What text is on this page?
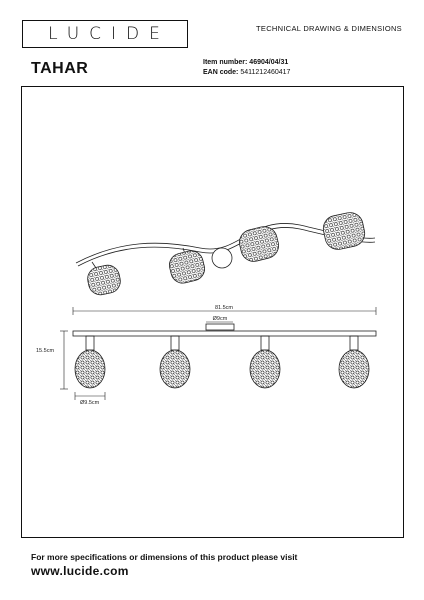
LUCIDE	TECHNICAL DRAWING & DIMENSIONS
TAHAR	Item number: 46904/04/31
EAN code: 5411212460417
81.5cm
Ø9cm
15.5cm
Ø9.5cm
For more specifications or dimensions of this product please visit
www.lucide.com
